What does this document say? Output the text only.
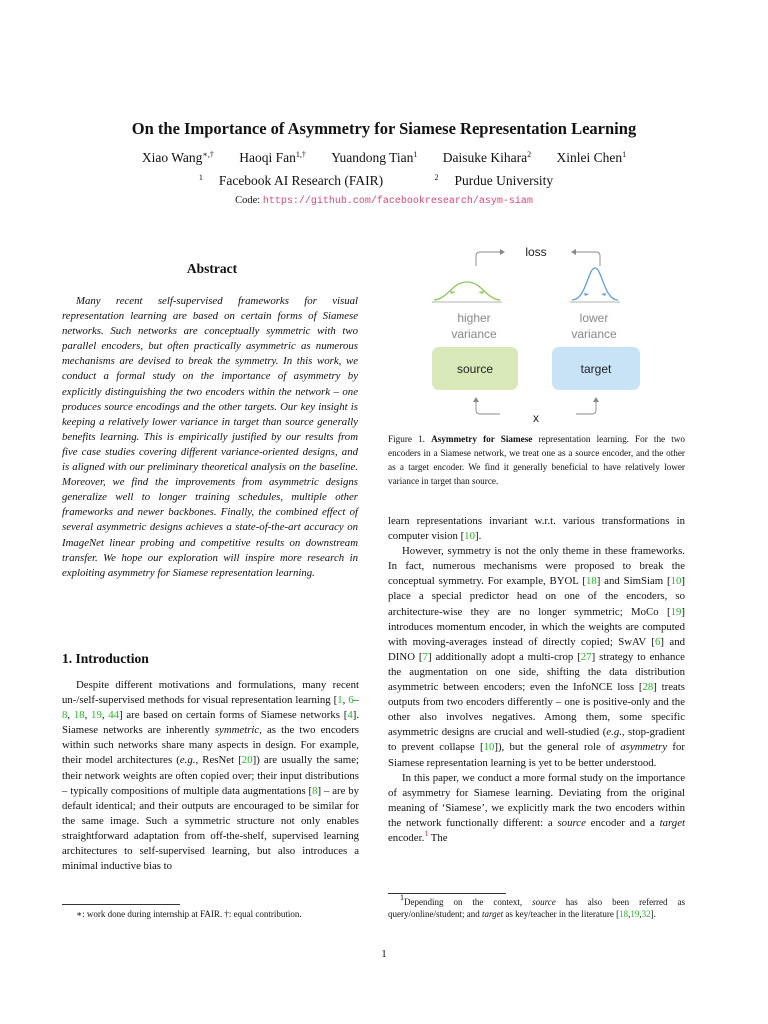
On the Importance of Asymmetry for Siamese Representation Learning
Xiao Wang∗,† Haoqi Fan$^{1,\dagger}$ Yuandong Tian$^1$ Daisuke Kihara$^2$ Xinlei Chen$^1$
$^1$ Facebook AI Research (FAIR)	$^2$ Purdue University
Code: https://github.com/facebookresearch/asym-siam
Abstract
Many recent self-supervised frameworks for visual representation learning are based on certain forms of Siamese networks. Such networks are conceptually symmetric with two parallel encoders, but often practically asymmetric as numerous mechanisms are devised to break the symmetry. In this work, we conduct a formal study on the importance of asymmetry by explicitly distinguishing the two encoders within the network – one produces source encodings and the other targets. Our key insight is keeping a relatively lower variance in target than source generally benefits learning. This is empirically justified by our results from five case studies covering different variance-oriented designs, and is aligned with our preliminary theoretical analysis on the baseline. Moreover, we find the improvements from asymmetric designs generalize well to longer training schedules, multiple other frameworks and newer backbones. Finally, the combined effect of several asymmetric designs achieves a state-of-the-art accuracy on ImageNet linear probing and competitive results on downstream transfer. We hope our exploration will inspire more research in exploiting asymmetry for Siamese representation learning.
1. Introduction
Despite different motivations and formulations, many recent un-/self-supervised methods for visual representation learning [1, 6–8, 18, 19, 44] are based on certain forms of Siamese networks [4]. Siamese networks are inherently symmetric, as the two encoders within such networks share many aspects in design. For example, their model architectures (e.g., ResNet [20]) are usually the same; their network weights are often copied over; their input distributions – typically compositions of multiple data augmentations [8] – are by default identical; and their outputs are encouraged to be similar for the same image. Such a symmetric structure not only enables straightforward adaptation from off-the-shelf, supervised learning architectures to self-supervised learning, but also introduces a minimal inductive bias to
∗: work done during internship at FAIR. †: equal contribution.
loss
higher
variance
lower
variance
source	target
x
Figure 1. Asymmetry for Siamese representation learning. For the two encoders in a Siamese network, we treat one as a source encoder, and the other as a target encoder. We find it generally beneficial to have relatively lower variance in target than source.

learn representations invariant w.r.t. various transformations in computer vision [10].

However, symmetry is not the only theme in these frameworks. In fact, numerous mechanisms were proposed to break the conceptual symmetry. For example, BYOL [18] and SimSiam [10] place a special predictor head on one of the encoders, so architecture-wise they are no longer symmetric; MoCo [19] introduces momentum encoder, in which the weights are computed with moving-averages instead of directly copied; SwAV [6] and DINO [7] additionally adopt a multi-crop [27] strategy to enhance the augmentation on one side, shifting the data distribution asymmetric between encoders; even the InfoNCE loss [28] treats outputs from two encoders differently – one is positive-only and the other also involves negatives. Among them, some specific asymmetric designs are crucial and well-studied (e.g., stop-gradient to prevent collapse [10]), but the general role of asymmetry for Siamese representation learning is yet to be better understood.

In this paper, we conduct a more formal study on the importance of asymmetry for Siamese learning. Deviating from the original meaning of ‘Siamese’, we explicitly mark the two encoders within the network functionally different: a source encoder and a target encoder.$^1$ The

$^1$Depending on the context, source has also been referred as query/online/student; and target as key/teacher in the literature [18,19,32].
1
